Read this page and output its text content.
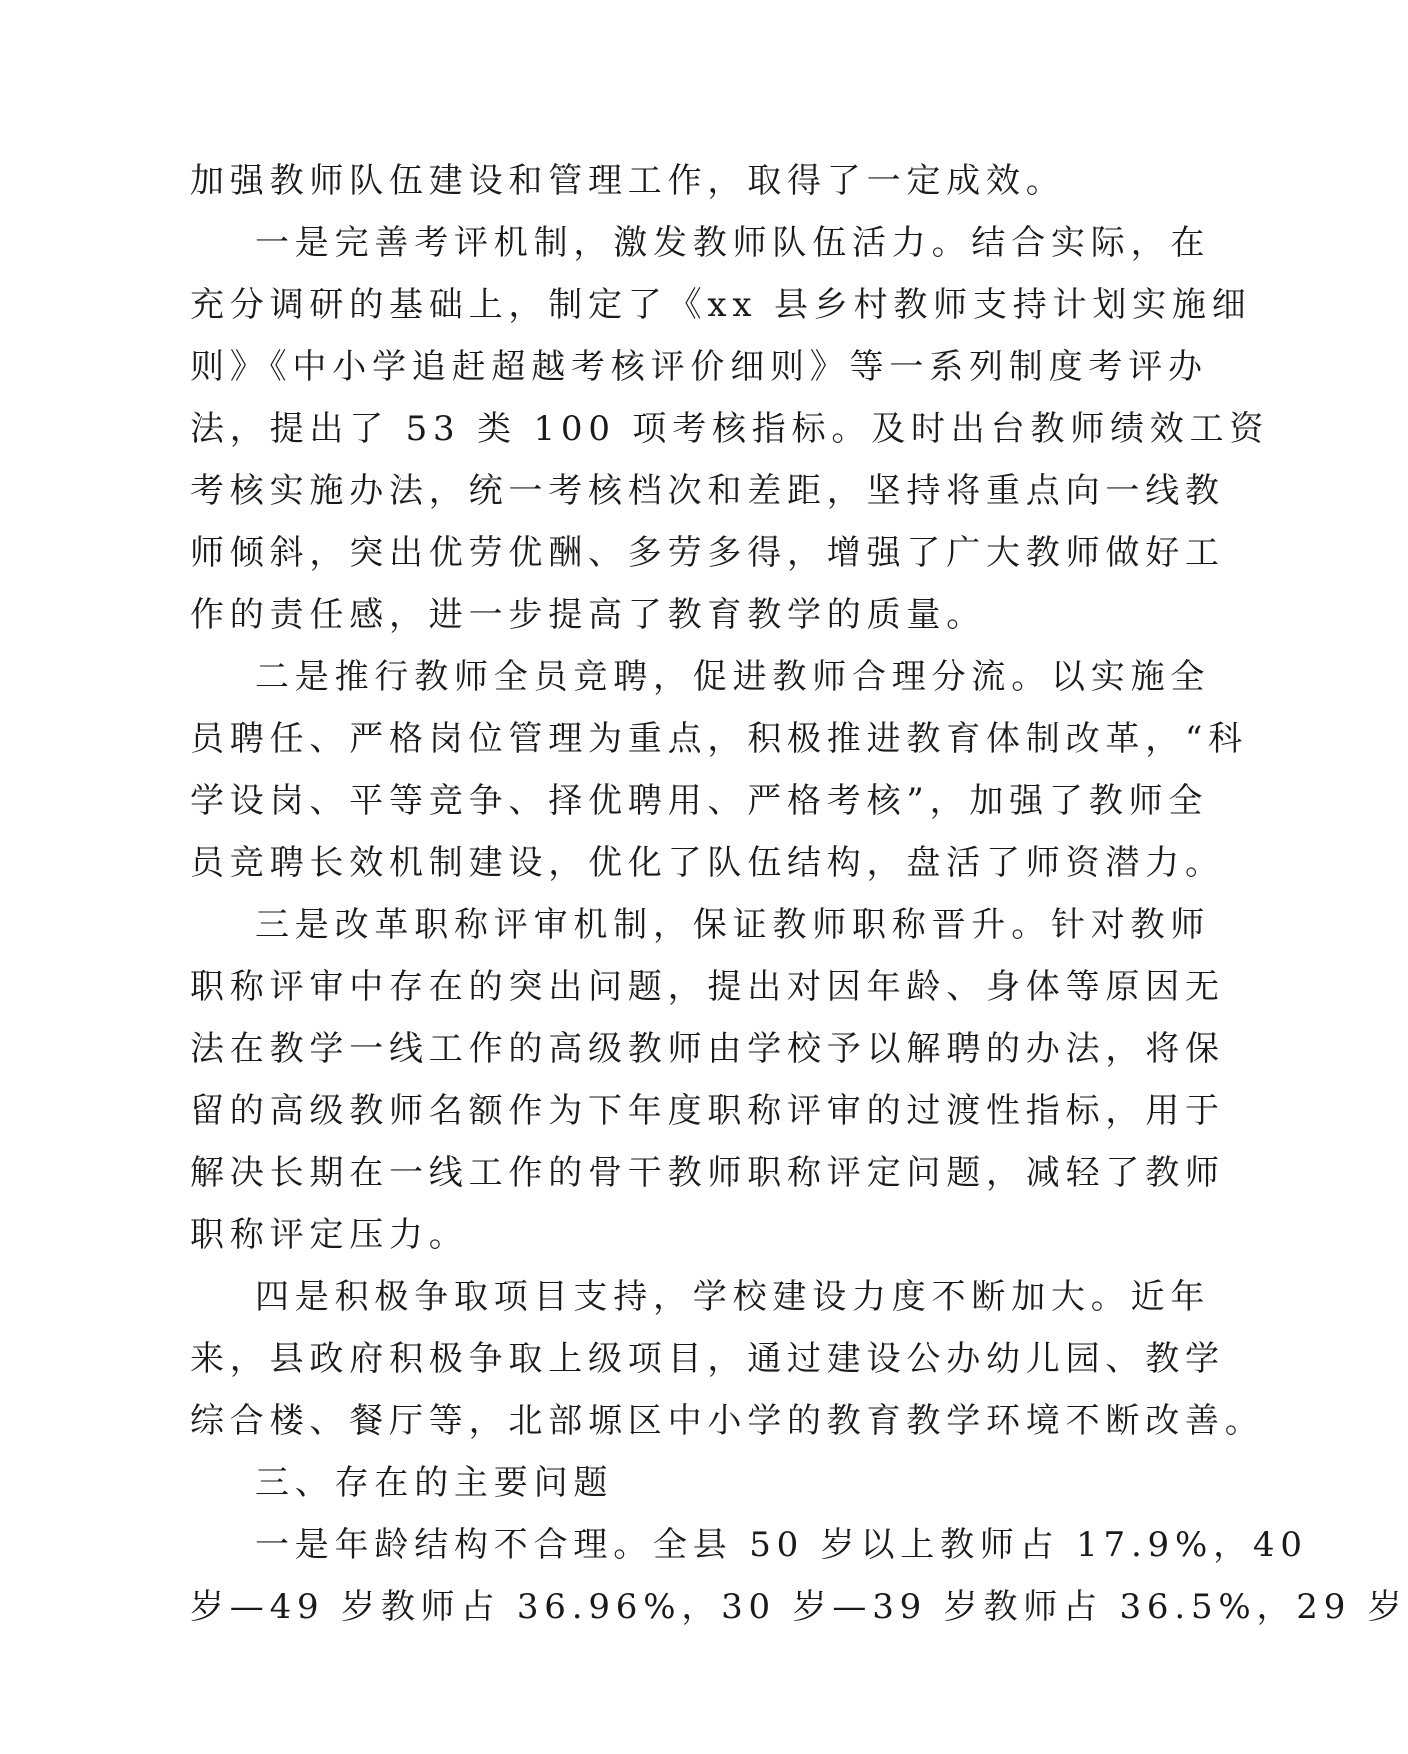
加强教师队伍建设和管理工作，取得了一定成效。
一是完善考评机制，激发教师队伍活力。结合实际，在
充分调研的基础上，制定了《xx 县乡村教师支持计划实施细
则》《中小学追赶超越考核评价细则》等一系列制度考评办
法，提出了 53 类 100 项考核指标。及时出台教师绩效工资
考核实施办法，统一考核档次和差距，坚持将重点向一线教
师倾斜，突出优劳优酬、多劳多得，增强了广大教师做好工
作的责任感，进一步提高了教育教学的质量。
二是推行教师全员竞聘，促进教师合理分流。以实施全
员聘任、严格岗位管理为重点，积极推进教育体制改革，“科
学设岗、平等竞争、择优聘用、严格考核”，加强了教师全
员竞聘长效机制建设，优化了队伍结构，盘活了师资潜力。
三是改革职称评审机制，保证教师职称晋升。针对教师
职称评审中存在的突出问题，提出对因年龄、身体等原因无
法在教学一线工作的高级教师由学校予以解聘的办法，将保
留的高级教师名额作为下年度职称评审的过渡性指标，用于
解决长期在一线工作的骨干教师职称评定问题，减轻了教师
职称评定压力。
四是积极争取项目支持，学校建设力度不断加大。近年
来，县政府积极争取上级项目，通过建设公办幼儿园、教学
综合楼、餐厅等，北部塬区中小学的教育教学环境不断改善。
三、存在的主要问题
一是年龄结构不合理。全县 50 岁以上教师占 17.9%，40
岁—49 岁教师占 36.96%，30 岁—39 岁教师占 36.5%，29 岁
